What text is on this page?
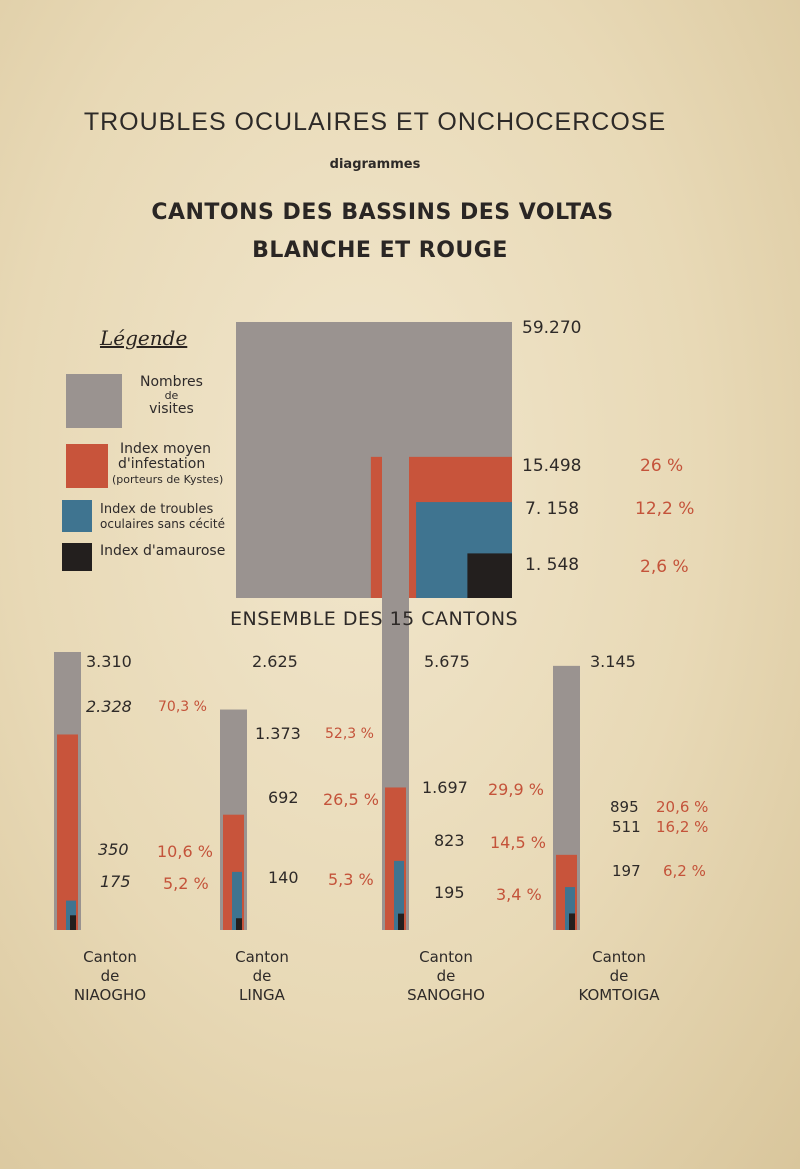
TROUBLES OCULAIRES ET ONCHOCERCOSE
diagrammes
CANTONS DES BASSINS DES VOLTAS
BLANCHE ET ROUGE
Légende
Nombres
de
visites
Index moyen
d'infestation
(porteurs de Kystes)
Index de troubles
oculaires sans cécité
Index d'amaurose
59.270
15.498	26 %
7. 158	12,2 %
1. 548	2,6 %
ENSEMBLE DES 15 CANTONS
3.310
2.328 70,3 %
350 10,6 %
175 5,2 %
Canton
de
NIAOGHO
2.625
1.373 52,3 %
692 26,5 %
140 5,3 %
Canton
de
LINGA
5.675
1.697 29,9 %
823 14,5 %
195 3,4 %
Canton
de
SANOGHO
3.145
895 20,6 %
511 16,2 %
197 6,2 %
Canton
de
KOMTOIGA
